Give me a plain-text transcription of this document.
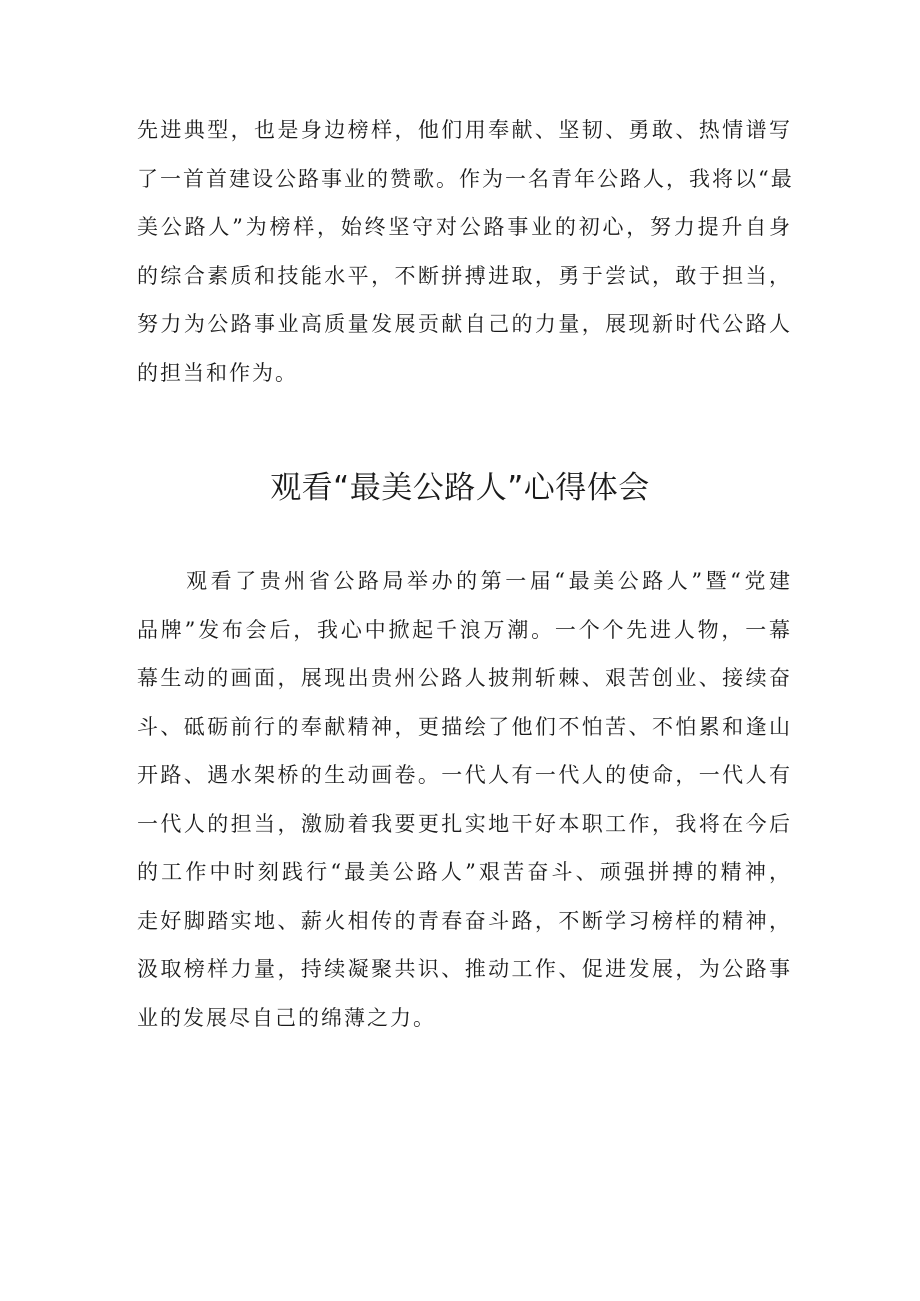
先进典型，也是身边榜样，他们用奉献、坚韧、勇敢、热情谱写
了一首首建设公路事业的赞歌。作为一名青年公路人，我将以“最
美公路人”为榜样，始终坚守对公路事业的初心，努力提升自身
的综合素质和技能水平，不断拼搏进取，勇于尝试，敢于担当，
努力为公路事业高质量发展贡献自己的力量，展现新时代公路人
的担当和作为。
观看“最美公路人”心得体会
　　观看了贵州省公路局举办的第一届“最美公路人”暨“党建
品牌”发布会后，我心中掀起千浪万潮。一个个先进人物，一幕
幕生动的画面，展现出贵州公路人披荆斩棘、艰苦创业、接续奋
斗、砥砺前行的奉献精神，更描绘了他们不怕苦、不怕累和逢山
开路、遇水架桥的生动画卷。一代人有一代人的使命，一代人有
一代人的担当，激励着我要更扎实地干好本职工作，我将在今后
的工作中时刻践行“最美公路人”艰苦奋斗、顽强拼搏的精神，
走好脚踏实地、薪火相传的青春奋斗路，不断学习榜样的精神，
汲取榜样力量，持续凝聚共识、推动工作、促进发展，为公路事
业的发展尽自己的绵薄之力。
